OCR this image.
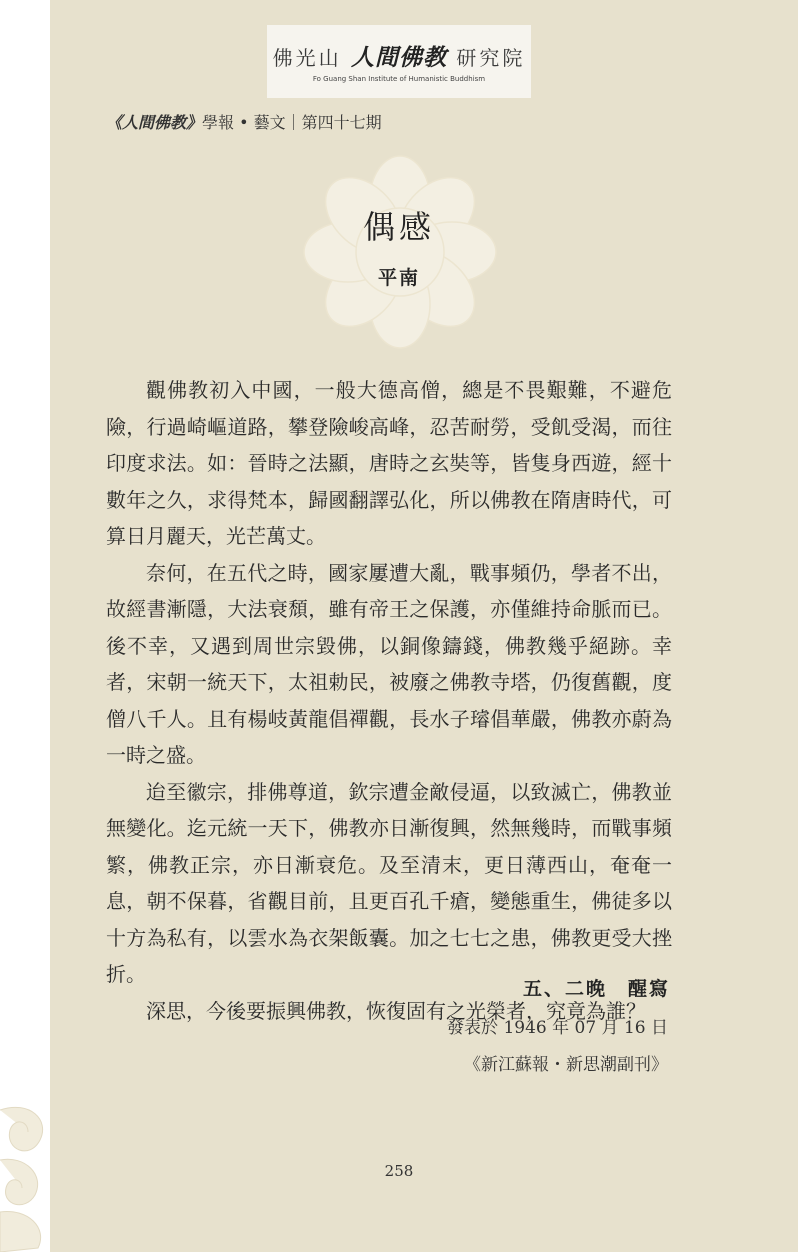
佛光山 人間佛教 研究院
Fo Guang Shan Institute of Humanistic Buddhism
《人間佛教》學報 • 藝文｜第四十七期
偶感
平南

觀佛教初入中國，一般大德高僧，總是不畏艱難，不避危險，行過崎嶇道路，攀登險峻高峰，忍苦耐勞，受飢受渴，而往印度求法。如：晉時之法顯，唐時之玄奘等，皆隻身西遊，經十數年之久，求得梵本，歸國翻譯弘化，所以佛教在隋唐時代，可算日月麗天，光芒萬丈。

奈何，在五代之時，國家屢遭大亂，戰事頻仍，學者不出，故經書漸隱，大法衰頹，雖有帝王之保護，亦僅維持命脈而已。後不幸，又遇到周世宗毀佛，以銅像鑄錢，佛教幾乎絕跡。幸者，宋朝一統天下，太祖勅民，被廢之佛教寺塔，仍復舊觀，度僧八千人。且有楊岐黃龍倡禪觀，長水子璿倡華嚴，佛教亦蔚為一時之盛。

迨至徽宗，排佛尊道，欽宗遭金敵侵逼，以致滅亡，佛教並無變化。迄元統一天下，佛教亦日漸復興，然無幾時，而戰事頻繁，佛教正宗，亦日漸衰危。及至清末，更日薄西山，奄奄一息，朝不保暮，省觀目前，且更百孔千瘡，變態重生，佛徒多以十方為私有，以雲水為衣架飯囊。加之七七之患，佛教更受大挫折。

深思，今後要振興佛教，恢復固有之光榮者，究竟為誰？

五、二晚　醒寫
發表於 1946 年 07 月 16 日
《新江蘇報・新思潮副刊》
258
